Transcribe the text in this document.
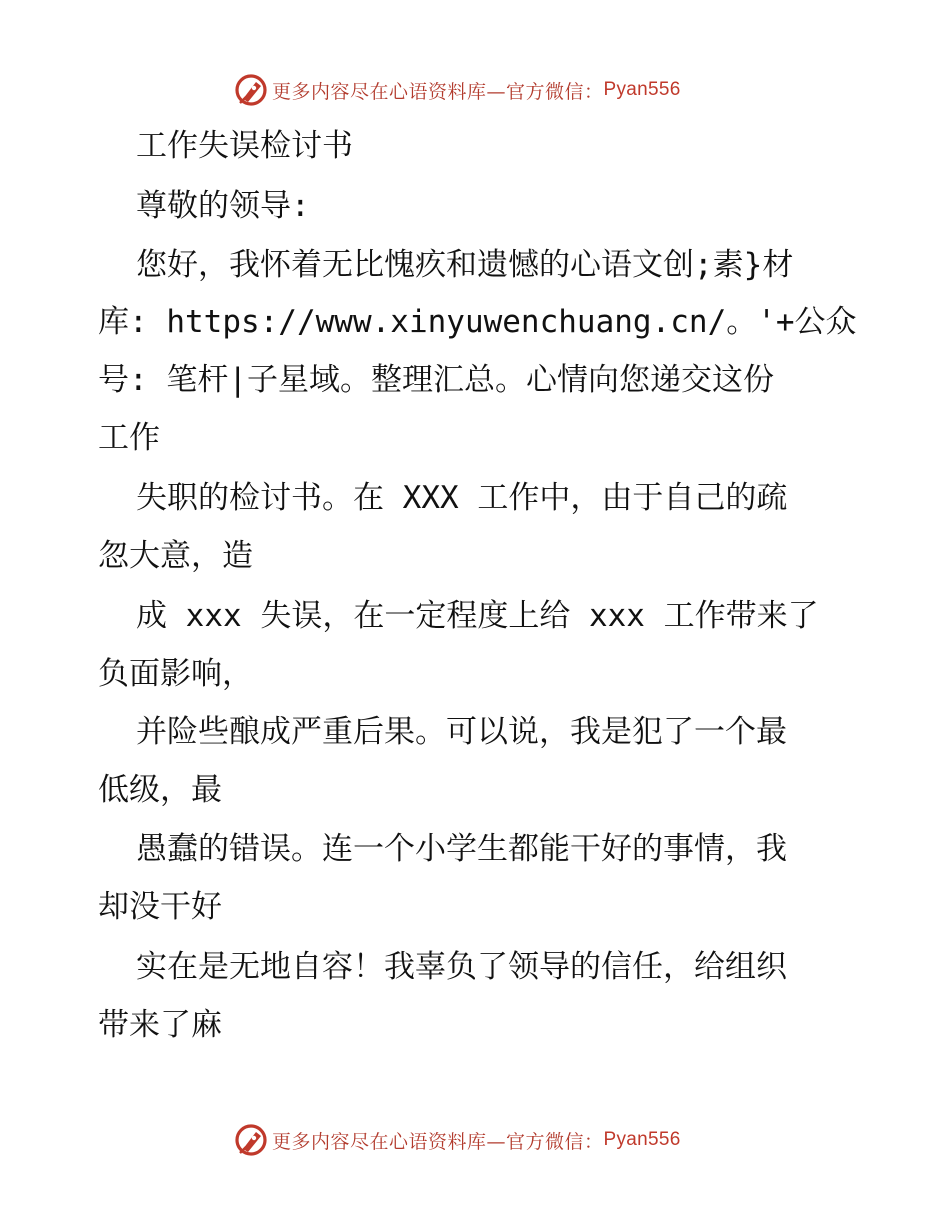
更多内容尽在心语资料库—官方微信： Pyan556
工作失误检讨书
尊敬的领导:
您好，我怀着无比愧疚和遗憾的心语文创;素}材
库: https://www.xinyuwenchuang.cn/。'+公众
号: 笔杆|子星域。整理汇总。心情向您递交这份
工作
失职的检讨书。在 XXX 工作中，由于自己的疏
忽大意，造
成 xxx 失误，在一定程度上给 xxx 工作带来了
负面影响，
并险些酿成严重后果。可以说，我是犯了一个最
低级，最
愚蠢的错误。连一个小学生都能干好的事情，我
却没干好
实在是无地自容！我辜负了领导的信任，给组织
带来了麻
更多内容尽在心语资料库—官方微信： Pyan556
